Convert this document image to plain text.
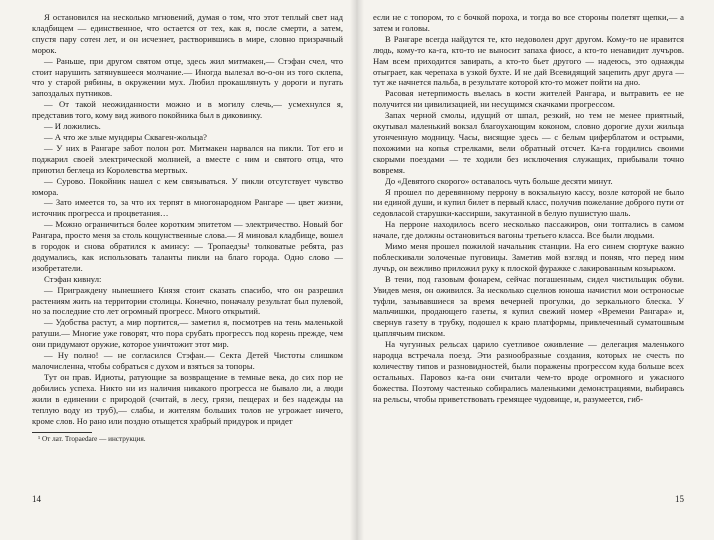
Я остановился на несколько мгновений, думая о том, что этот теплый свет над кладбищем — единственное, что остается от тех, как я, после смерти, а затем, спустя пару сотен лет, и он исчезнет, растворившись в мире, словно призрачный морок.

— Раньше, при другом святом отце, здесь жил митмакен,— Стэфан счел, что стоит нарушить затянувшееся молчание.— Иногда вылезал во-о-он из того склепа, что у старой рябины, в окружении мух. Любил прокашлянуть у дороги и пугать запоздалых путников.

— От такой неожиданности можно и в могилу слечь,— усмехнулся я, представив того, кому вид живого покойника был в диковинку.

— И ложились.

— А что же злые мундиры Скваген-жольца?

— У них в Рангаре забот полон рот. Митмакен нарвался на пикли. Тот его и поджарил своей электрической молнией, а вместе с ним и святого отца, что приютил беглеца из Королевства мертвых.

— Сурово. Покойник нашел с кем связываться. У пикли отсутствует чувство юмора.

— Зато имеется то, за что их терпят в многонародном Рангаре — цвет жизни, источник прогресса и процветания…

— Можно ограничиться более коротким эпитетом — электричество. Новый бог Рангара, просто меня за столь кощунственные слова.— Я миновал кладбище, вошел в городок и снова обратился к аминсу: — Тропаедзы¹ толковатые ребята, раз додумались, как использовать таланты пикли на благо города. Одно слово — изобретатели.

Стэфан кивнул:

— Приграждену нынешнего Князя стоит сказать спасибо, что он разрешил растениям жить на территории столицы. Конечно, поначалу результат был пулевой, но за последние сто лет огромный прогресс. Много открытий.

— Удобства растут, а мир портится,— заметил я, посмотрев на тень маленькой ратуши.— Многие уже говорят, что пора срубать прогрессъ под корень прежде, чем они придумают оружие, которое уничтожит этот мир.

— Ну полно! — не согласился Стэфан.— Секта Детей Чистоты слишком малочисленна, чтобы собраться с духом и взяться за топоры.

Тут он прав. Идиоты, ратующие за возвращение в темные века, до сих пор не добились успеха. Никто ни из наличия никакого прогресса не бывало ли, а люди жили в единении с природой (считай, в лесу, грязи, пещерах и без надежды на теплую воду из труб),— слабы, и жителям больших толов не угрожает ничего, кроме слов. Но рано или поздно отыщется храбрый придурок и придет

¹ От лат. Tropaedare — инструкция.

14

если не с топором, то с бочкой пороха, и тогда во все стороны полетят щепки,— а затем и головы.

В Рангаре всегда найдутся те, кто недоволен друг другом. Кому-то не нравится людь, кому-то ка-га, кто-то не выносит запаха фиосс, а кто-то ненавидит лучъров. Нам всем приходится завирать, а кто-то бьет другого — надеюсь, это однажды отыграет, как черепаха в узкой бухте. И не дай Всевидящий зацепить друг друга — тут же начнется пальба, в результате которой кто-то может пойти на дно.

Расовая нетерпимость въелась в кости жителей Рангара, и вытравить ее не получится ни цивилизацией, ни несущимся скачками прогрессом.

Запах черной смолы, идущий от шпал, резкий, но тем не менее приятный, окутывал маленький вокзал благоухающим коконом, словно дорогие духи жильца утонченную модницу. Часы, висящие здесь — с белым циферблатом и острыми, похожими на копья стрелками, вели обратный отсчет. Ка-га гордились своими скорыми поездами — те ходили без исключения служащих, прибывали точно вовремя.

До «Девятого скорого» оставалось чуть больше десяти минут.

Я прошел по деревянному перрону в вокзальную кассу, возле которой не было ни единой души, и купил билет в первый класс, получив пожелание доброго пути от седовласой старушки-кассирши, закутанной в белую пушистую шаль.

На перроне находилось всего несколько пассажиров, они топтались в самом начале, где должны остановиться вагоны третьего класса. Все были людьми.

Мимо меня прошел пожилой начальник станции. На его синем сюртуке важно поблескивали золоченые пуговицы. Заметив мой взгляд и поняв, что перед ним лучър, он вежливо приложил руку к плоской фуражке с лакированным козырьком.

В тени, под газовым фонарем, сейчас погашенным, сидел чистильщик обуви. Увидев меня, он оживился. За несколько сцелнов юноша начистил мои остроносые туфли, зазывавшиеся за время вечерней прогулки, до зеркального блеска. У мальчишки, продающего газеты, я купил свежий номер «Времени Рангара» и, свернув газету в трубку, подошел к краю платформы, привлеченный суматошным цыплячьим писком.

На чугунных рельсах царило суетливое оживление — делегация маленького народца встречала поезд. Эти разнообразные создания, которых не счесть по количеству типов и разновидностей, были поражены прогрессом куда больше всех остальных. Паровоз ка-га они считали чем-то вроде огромного и ужасного божества. Поэтому частенько собирались маленькими демонстрациями, выбираясь на рельсы, чтобы приветствовать гремящее чудовище, и, разумеется, гиб-

15
